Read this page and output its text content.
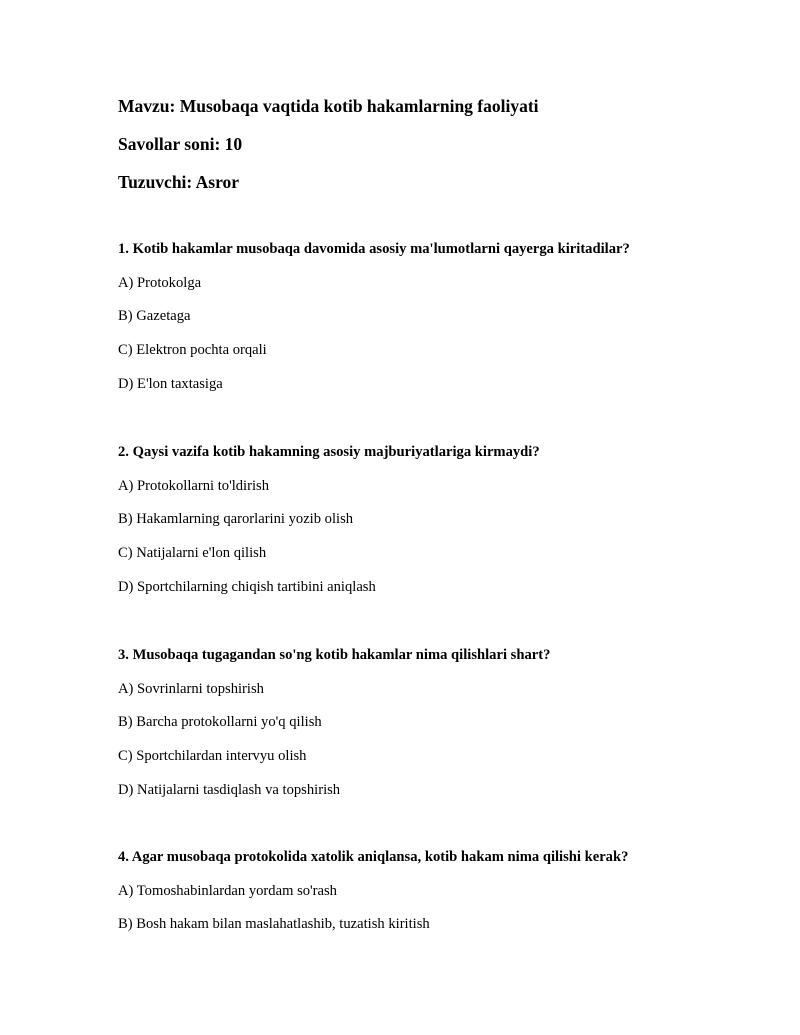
Mavzu: Musobaqa vaqtida kotib hakamlarning faoliyati
Savollar soni: 10
Tuzuvchi: Asror
1. Kotib hakamlar musobaqa davomida asosiy ma'lumotlarni qayerga kiritadilar?
A) Protokolga
B) Gazetaga
C) Elektron pochta orqali
D) E'lon taxtasiga
2. Qaysi vazifa kotib hakamning asosiy majburiyatlariga kirmaydi?
A) Protokollarni to'ldirish
B) Hakamlarning qarorlarini yozib olish
C) Natijalarni e'lon qilish
D) Sportchilarning chiqish tartibini aniqlash
3. Musobaqa tugagandan so'ng kotib hakamlar nima qilishlari shart?
A) Sovrinlarni topshirish
B) Barcha protokollarni yo'q qilish
C) Sportchilardan intervyu olish
D) Natijalarni tasdiqlash va topshirish
4. Agar musobaqa protokolida xatolik aniqlansa, kotib hakam nima qilishi kerak?
A) Tomoshabinlardan yordam so'rash
B) Bosh hakam bilan maslahatlashib, tuzatish kiritish
